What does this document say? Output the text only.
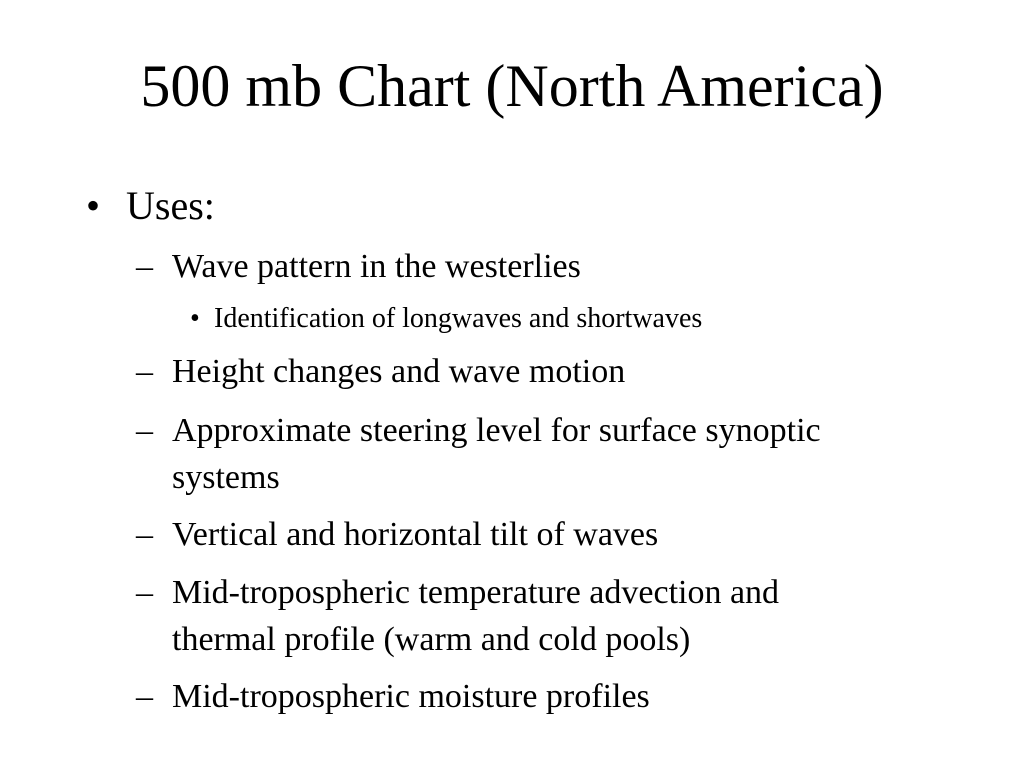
500 mb Chart (North America)
• Uses:
– Wave pattern in the westerlies
• Identification of longwaves and shortwaves
– Height changes and wave motion
– Approximate steering level for surface synoptic
systems
– Vertical and horizontal tilt of waves
– Mid-tropospheric temperature advection and
thermal profile (warm and cold pools)
– Mid-tropospheric moisture profiles
